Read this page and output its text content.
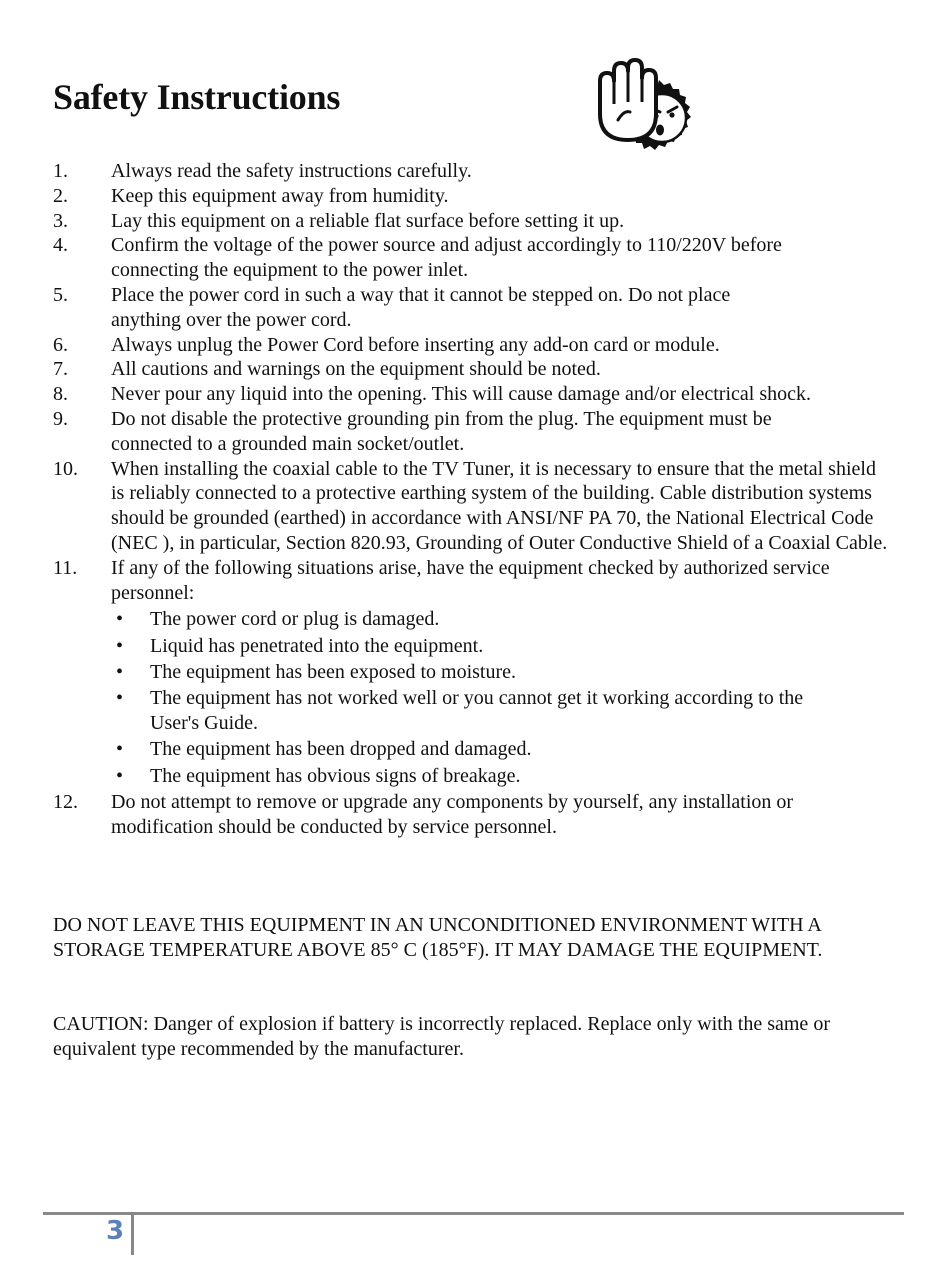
Safety Instructions
1. Always read the safety instructions carefully.
2. Keep this equipment away from humidity.
3. Lay this equipment on a reliable flat surface before setting it up.
4. Confirm the voltage of the power source and adjust accordingly to 110/220V before connecting the equipment to the power inlet.
5. Place the power cord in such a way that it cannot be stepped on. Do not place anything over the power cord.
6. Always unplug the Power Cord before inserting any add-on card or module.
7. All cautions and warnings on the equipment should be noted.
8. Never pour any liquid into the opening. This will cause damage and/or electrical shock.
9. Do not disable the protective grounding pin from the plug. The equipment must be connected to a grounded main socket/outlet.
10. When installing the coaxial cable to the TV Tuner, it is necessary to ensure that the metal shield is reliably connected to a protective earthing system of the building. Cable distribution systems should be grounded (earthed) in accordance with ANSI/NF PA 70, the National Electrical Code (NEC ), in particular, Section 820.93, Grounding of Outer Conductive Shield of a Coaxial Cable.
11. If any of the following situations arise, have the equipment checked by authorized service personnel:
• The power cord or plug is damaged.
• Liquid has penetrated into the equipment.
• The equipment has been exposed to moisture.
• The equipment has not worked well or you cannot get it working according to the User's Guide.
• The equipment has been dropped and damaged.
• The equipment has obvious signs of breakage.
12. Do not attempt to remove or upgrade any components by yourself, any installation or modification should be conducted by service personnel.

DO NOT LEAVE THIS EQUIPMENT IN AN UNCONDITIONED ENVIRONMENT WITH A STORAGE TEMPERATURE ABOVE 85° C (185°F). IT MAY DAMAGE THE EQUIPMENT.

CAUTION: Danger of explosion if battery is incorrectly replaced. Replace only with the same or equivalent type recommended by the manufacturer.

3
